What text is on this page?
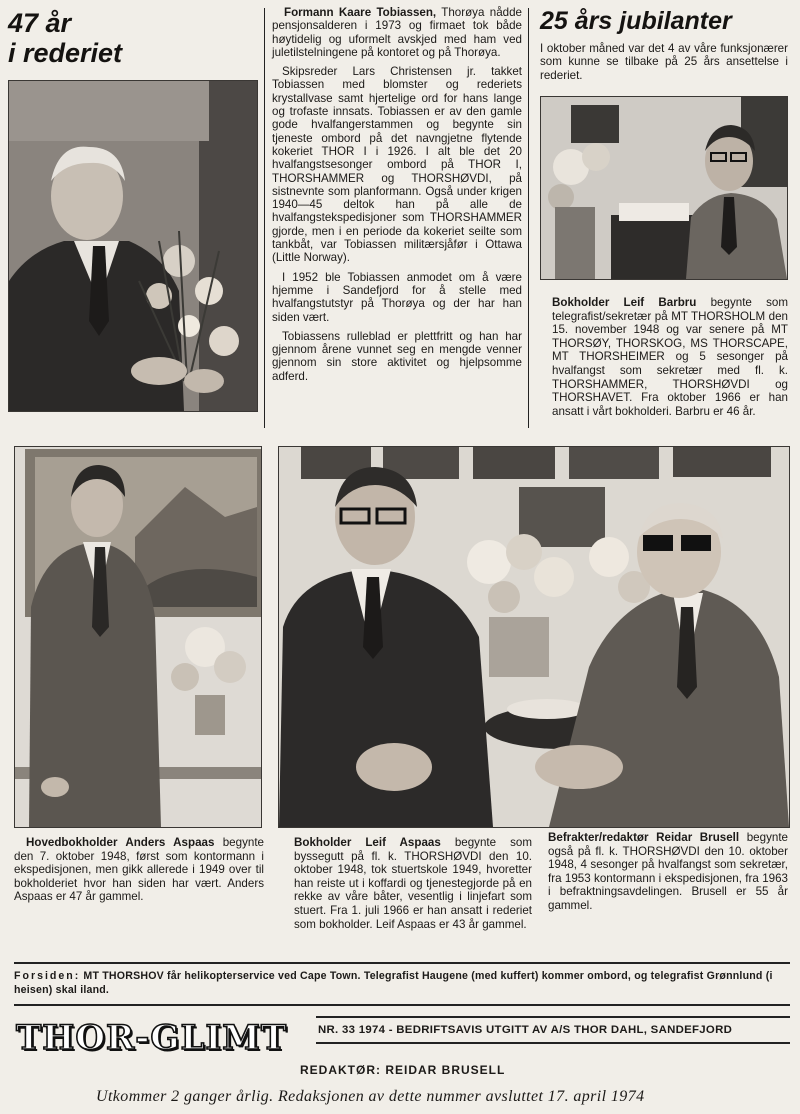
47 år
i rederiet

Formann Kaare Tobiassen, Thorøya nådde pensjonsalderen i 1973 og firmaet tok både høytidelig og uformelt avskjed med ham ved juletilstelningene på kontoret og på Thorøya.

Skipsreder Lars Christensen jr. takket Tobiassen med blomster og rederiets krystallvase samt hjertelige ord for hans lange og trofaste innsats. Tobiassen er av den gamle gode hvalfangerstammen og begynte sin tjeneste ombord på det navngjetne flytende kokeriet THOR I i 1926. I alt ble det 20 hvalfangstsesonger ombord på THOR I, THORSHAMMER og THORSHØVDI, på sistnevnte som planformann. Også under krigen 1940—45 deltok han på alle de hvalfangstekspedisjoner som THORSHAMMER gjorde, men i en periode da kokeriet seilte som tankbåt, var Tobiassen militærsjåfør i Ottawa (Little Norway).

I 1952 ble Tobiassen anmodet om å være hjemme i Sandefjord for å stelle med hvalfangstutstyr på Thorøya og der har han siden vært.

Tobiassens rulleblad er plettfritt og han har gjennom årene vunnet seg en mengde venner gjennom sin store aktivitet og hjelpsomme adferd.

25 års jubilanter

I oktober måned var det 4 av våre funksjonærer som kunne se tilbake på 25 års ansettelse i rederiet.

Bokholder Leif Barbru begynte som telegrafist/sekretær på MT THORSHOLM den 15. november 1948 og var senere på MT THORSØY, THORSKOG, MS THORSCAPE, MT THORSHEIMER og 5 sesonger på hvalfangst som sekretær med fl. k. THORSHAMMER, THORSHØVDI og THORSHAVET. Fra oktober 1966 er han ansatt i vårt bokholderi. Barbru er 46 år.

Hovedbokholder Anders Aspaas begynte den 7. oktober 1948, først som kontormann i ekspedisjonen, men gikk allerede i 1949 over til bokholderiet hvor han siden har vært. Anders Aspaas er 47 år gammel.

Bokholder Leif Aspaas begynte som byssegutt på fl. k. THORSHØVDI den 10. oktober 1948, tok stuertskole 1949, hvoretter han reiste ut i koffardi og tjenestegjorde på en rekke av våre båter, vesentlig i linjefart som stuert. Fra 1. juli 1966 er han ansatt i rederiet som bokholder. Leif Aspaas er 43 år gammel.

Befrakter/redaktør Reidar Brusell begynte også på fl. k. THORSHØVDI den 10. oktober 1948, 4 sesonger på hvalfangst som sekretær, fra 1953 kontormann i ekspedisjonen, fra 1963 i befraktningsavdelingen. Brusell er 55 år gammel.

Forsiden: MT THORSHOV får helikopterservice ved Cape Town. Telegrafist Haugene (med kuffert) kommer ombord, og telegrafist Grønnlund (i heisen) skal iland.

THOR-GLIMT	NR. 33 1974 - BEDRIFTSAVIS UTGITT AV A/S THOR DAHL, SANDEFJORD
REDAKTØR: REIDAR BRUSELL
Utkommer 2 ganger årlig. Redaksjonen av dette nummer avsluttet 17. april 1974
